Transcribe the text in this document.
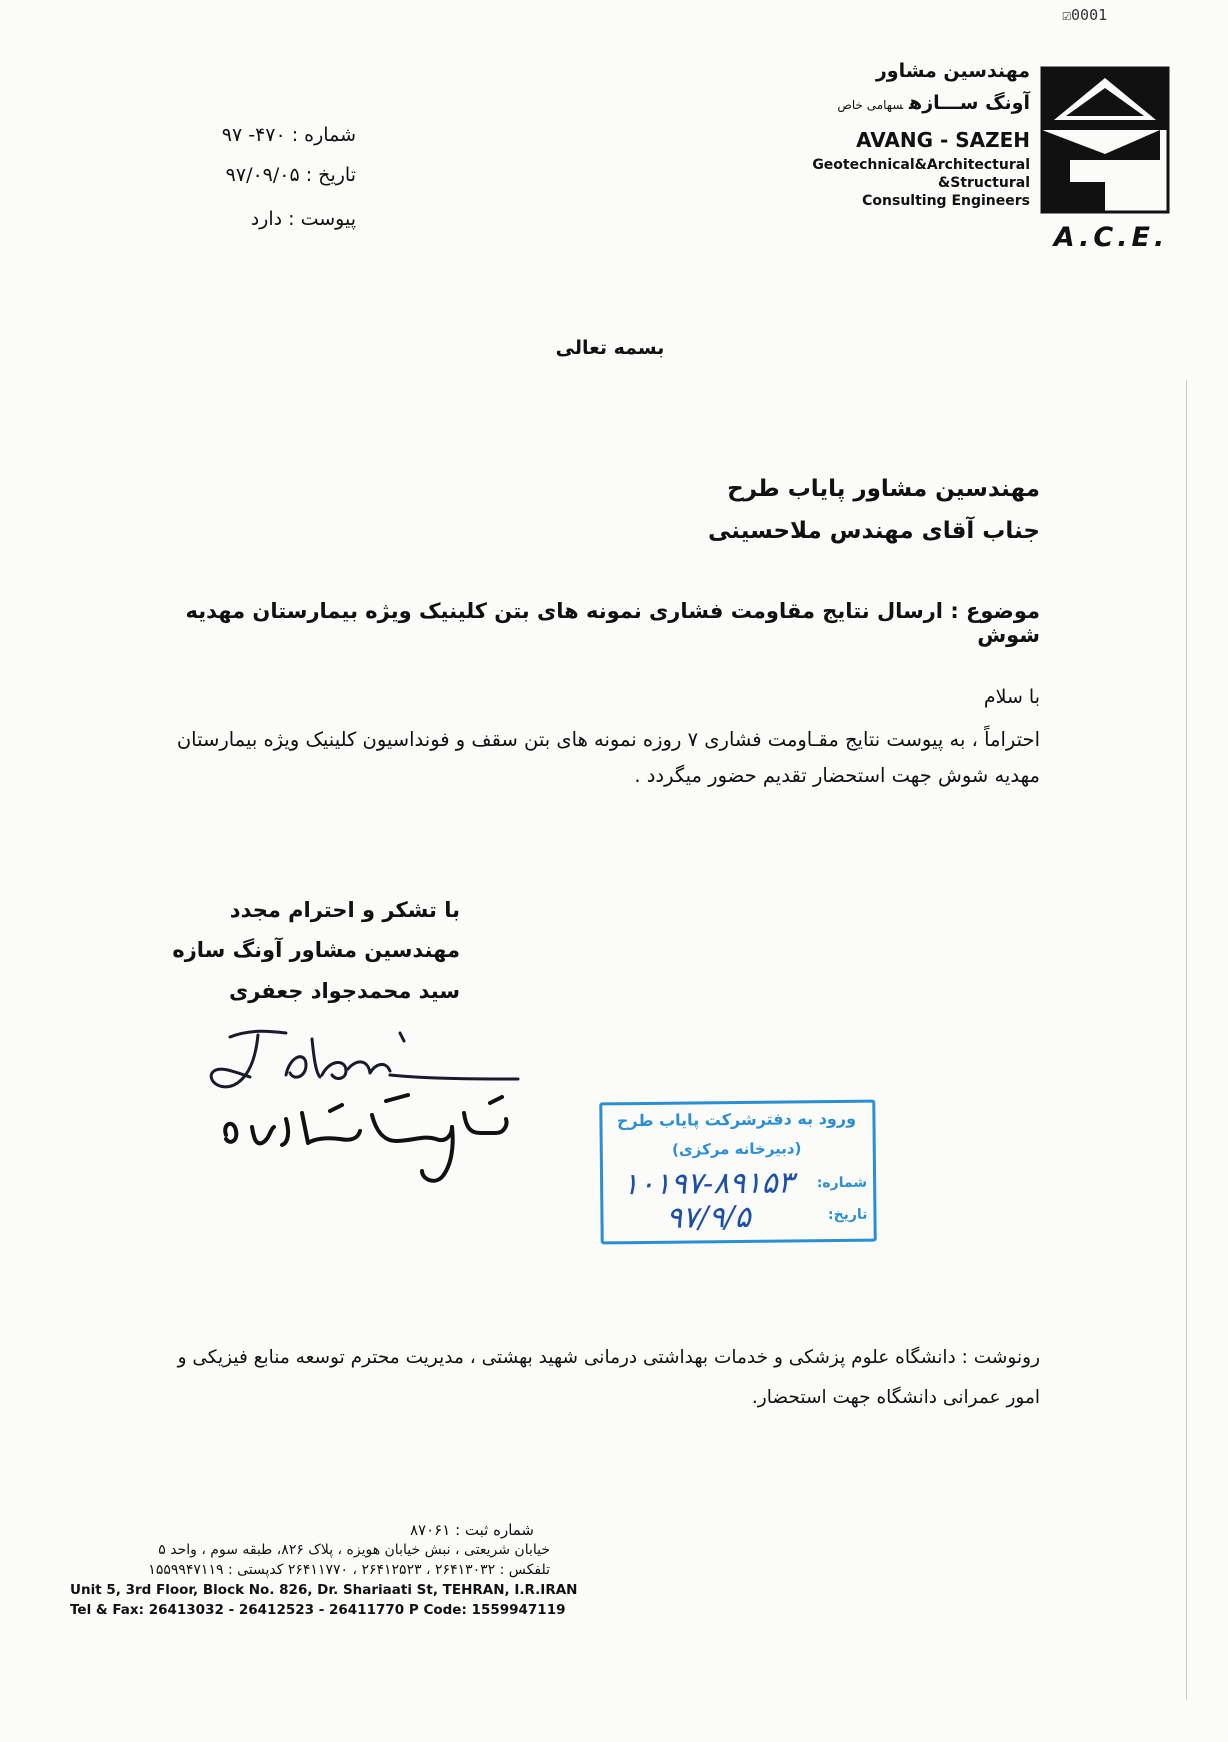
☑0001
مهندسین مشاور
آونگ ســـازهسهامی خاص
AVANG - SAZEH
Geotechnical&Architectural
&Structural
Consulting Engineers
A.C.E.
شماره : ۴۷۰- ۹۷
تاریخ : ۹۷/۰۹/۰۵
پیوست : دارد
بسمه تعالی
مهندسین مشاور پایاب طرح
جناب آقای مهندس ملاحسینی
موضوع : ارسال نتایج مقاومت فشاری نمونه های بتن کلینیک ویژه بیمارستان مهدیه شوش
با سلام
احتراماً ، به پیوست نتایج مقـاومت فشاری ۷ روزه نمونه های بتن سقف و فونداسیون کلینیک ویژه بیمارستان مهدیه شوش جهت استحضار تقدیم حضور میگردد .
با تشکر و احترام مجدد
مهندسین مشاور آونگ سازه
سید محمدجواد جعفری
ورود به دفترشرکت پایاب طرح
(دبیرخانه مرکزی)
شماره:
۱۰۱۹۷-۸۹۱۵۳
تاریخ:
۹۷/۹/۵
رونوشت : دانشگاه علوم پزشکی و خدمات بهداشتی درمانی شهید بهشتی ، مدیریت محترم توسعه منابع فیزیکی و امور عمرانی دانشگاه جهت استحضار.
شماره ثبت : ۸۷۰۶۱
خیابان شریعتی ، نبش خیابان هویزه ، پلاک ۸۲۶، طبقه سوم ، واحد ۵
تلفکس : ۲۶۴۱۳۰۳۲ ، ۲۶۴۱۲۵۲۳ ، ۲۶۴۱۱۷۷۰ کدپستی : ۱۵۵۹۹۴۷۱۱۹
Unit 5, 3rd Floor, Block No. 826, Dr. Shariaati St, TEHRAN, I.R.IRAN
Tel & Fax: 26413032 - 26412523 - 26411770 P Code: 1559947119
